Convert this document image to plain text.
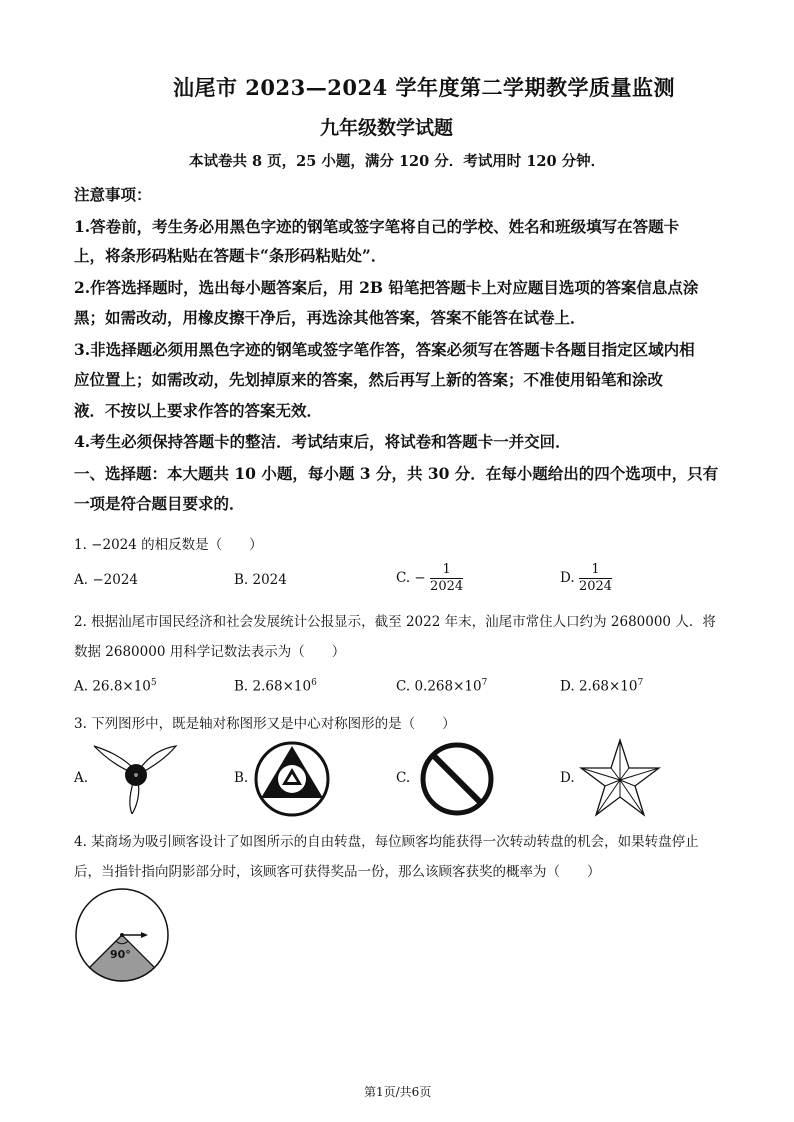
汕尾市 2023—2024 学年度第二学期教学质量监测
九年级数学试题
本试卷共 8 页，25 小题，满分 120 分．考试用时 120 分钟．
注意事项：
1.答卷前，考生务必用黑色字迹的钢笔或签字笔将自己的学校、姓名和班级填写在答题卡
上，将条形码粘贴在答题卡“条形码粘贴处”．
2.作答选择题时，选出每小题答案后，用 2B 铅笔把答题卡上对应题目选项的答案信息点涂
黑；如需改动，用橡皮擦干净后，再选涂其他答案，答案不能答在试卷上．
3.非选择题必须用黑色字迹的钢笔或签字笔作答，答案必须写在答题卡各题目指定区域内相
应位置上；如需改动，先划掉原来的答案，然后再写上新的答案；不准使用铅笔和涂改
液．不按以上要求作答的答案无效．
4.考生必须保持答题卡的整洁．考试结束后，将试卷和答题卡一并交回．
一、选择题：本大题共 10 小题，每小题 3 分，共 30 分．在每小题给出的四个选项中，只有
一项是符合题目要求的．
1. −2024 的相反数是（　　）
A. −2024	B. 2024	C. − $\frac{1}{2024}$	D. $\frac{1}{2024}$
2. 根据汕尾市国民经济和社会发展统计公报显示，截至 2022 年末，汕尾市常住人口约为 2680000 人．将
数据 2680000 用科学记数法表示为（　　）
A. $26.8\times 10^5$	B. $2.68\times 10^6$	C. $0.268\times 10^7$	D. $2.68\times 10^7$
3. 下列图形中，既是轴对称图形又是中心对称图形的是（　　）
A.	B.	C.	D.
4. 某商场为吸引顾客设计了如图所示的自由转盘，每位顾客均能获得一次转动转盘的机会，如果转盘停止
后，当指针指向阴影部分时，该顾客可获得奖品一份，那么该顾客获奖的概率为（　　）
90°
第1页/共6页
